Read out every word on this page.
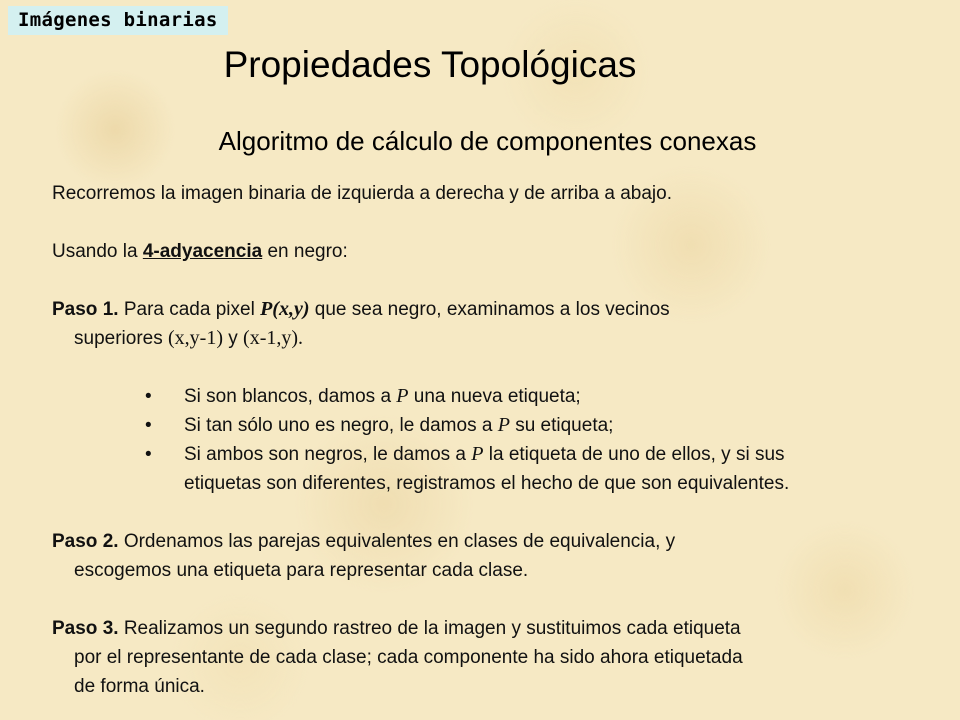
Imágenes binarias
Propiedades Topológicas
Algoritmo de cálculo de componentes conexas
Recorremos la imagen binaria de izquierda a derecha y de arriba a abajo.
Usando la 4-adyacencia en negro:
Paso 1. Para cada pixel P(x,y) que sea negro, examinamos a los vecinos
superiores (x,y-1) y (x-1,y).
• Si son blancos, damos a P una nueva etiqueta;
• Si tan sólo uno es negro, le damos a P su etiqueta;
• Si ambos son negros, le damos a P la etiqueta de uno de ellos, y si sus
etiquetas son diferentes, registramos el hecho de que son equivalentes.
Paso 2. Ordenamos las parejas equivalentes en clases de equivalencia, y
escogemos una etiqueta para representar cada clase.
Paso 3. Realizamos un segundo rastreo de la imagen y sustituimos cada etiqueta
por el representante de cada clase; cada componente ha sido ahora etiquetada
de forma única.
